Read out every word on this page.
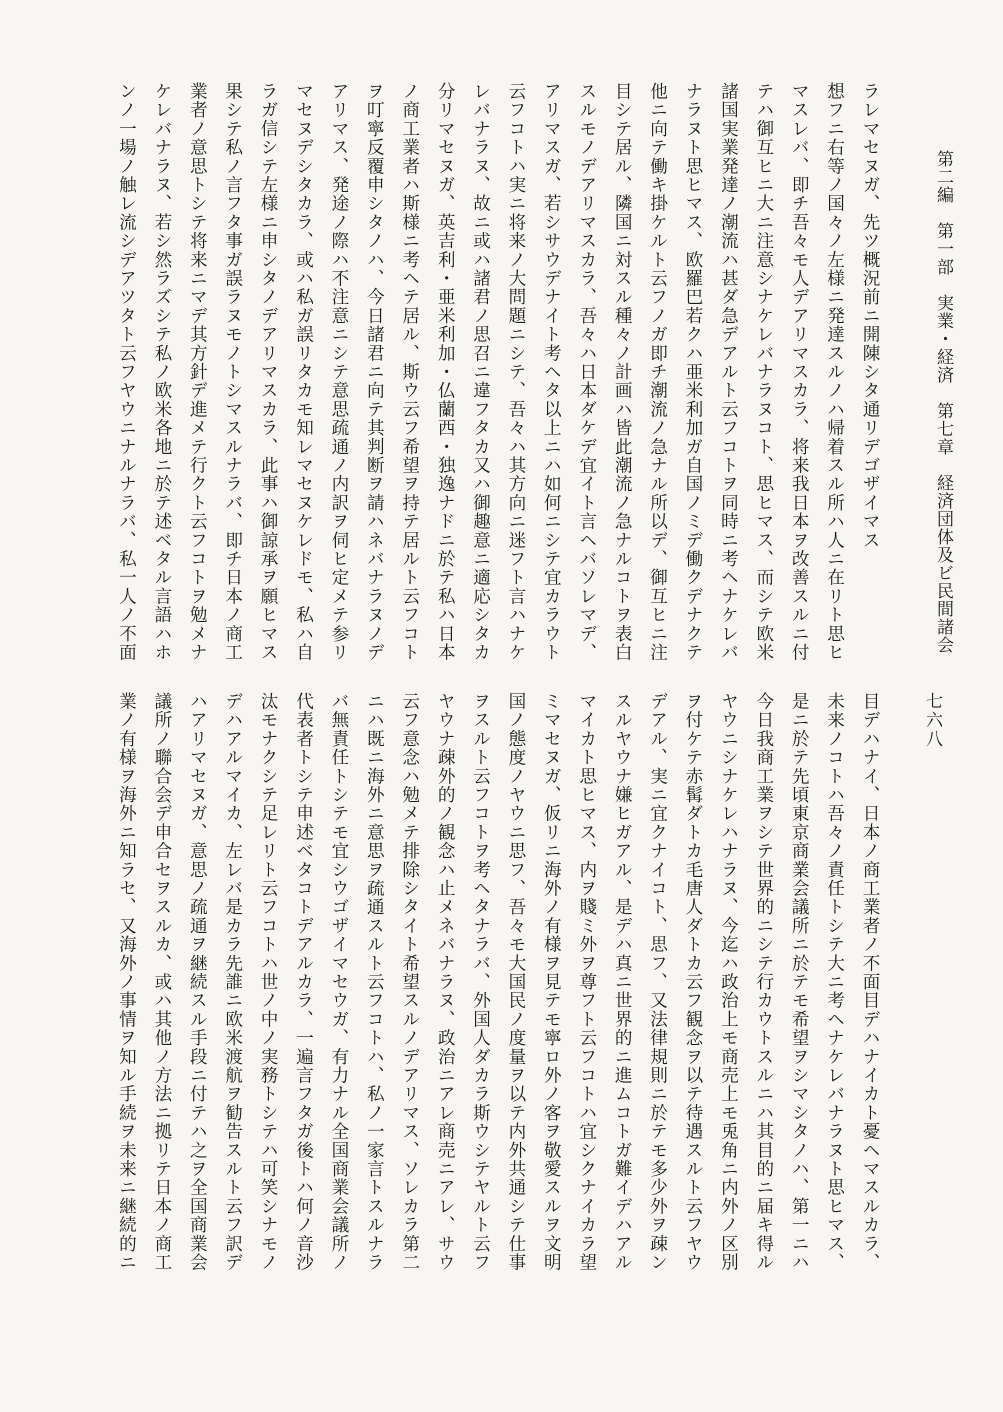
第二編　第一部　実業・経済　第七章　経済団体及ビ民間諸会
七六八
ラレマセヌガ、先ツ概況前ニ開陳シタ通リデゴザイマス
想フニ右等ノ国々ノ左様ニ発達スルノハ帰着スル所ハ人ニ在リト思ヒ
マスレバ、即チ吾々モ人デアリマスカラ、将来我日本ヲ改善スルニ付
テハ御互ヒニ大ニ注意シナケレバナラヌコト、思ヒマス、而シテ欧米
諸国実業発達ノ潮流ハ甚ダ急デアルト云フコトヲ同時ニ考ヘナケレバ
ナラヌト思ヒマス、欧羅巴若クハ亜米利加ガ自国ノミデ働クデナクテ
他ニ向テ働キ掛ケルト云フノガ即チ潮流ノ急ナル所以デ、御互ヒニ注
目シテ居ル、隣国ニ対スル種々ノ計画ハ皆此潮流ノ急ナルコトヲ表白
スルモノデアリマスカラ、吾々ハ日本ダケデ宜イト言ヘバソレマデ、
アリマスガ、若シサウデナイト考ヘタ以上ニハ如何ニシテ宜カラウト
云フコトハ実ニ将来ノ大問題ニシテ、吾々ハ其方向ニ迷フト言ハナケ
レバナラヌ、故ニ或ハ諸君ノ思召ニ違フタカ又ハ御趣意ニ適応シタカ
分リマセヌガ、英吉利・亜米利加・仏蘭西・独逸ナドニ於テ私ハ日本
ノ商工業者ハ斯様ニ考ヘテ居ル、斯ウ云フ希望ヲ持テ居ルト云フコト
ヲ叮寧反覆申シタノハ、今日諸君ニ向テ其判断ヲ請ハネバナラヌノデ
アリマス、発途ノ際ハ不注意ニシテ意思疏通ノ内訳ヲ伺ヒ定メテ参リ
マセヌデシタカラ、或ハ私ガ誤リタカモ知レマセヌケレドモ、私ハ自
ラガ信シテ左様ニ申シタノデアリマスカラ、此事ハ御諒承ヲ願ヒマス
果シテ私ノ言フタ事ガ誤ラヌモノトシマスルナラバ、即チ日本ノ商工
業者ノ意思トシテ将来ニマデ其方針デ進メテ行クト云フコトヲ勉メナ
ケレバナラヌ、若シ然ラズシテ私ノ欧米各地ニ於テ述ベタル言語ハホ
ンノ一場ノ触レ流シデアツタト云フヤウニナルナラバ、私一人ノ不面
目デハナイ、日本ノ商工業者ノ不面目デハナイカト憂ヘマスルカラ、
未来ノコトハ吾々ノ責任トシテ大ニ考ヘナケレバナラヌト思ヒマス、
是ニ於テ先頃東京商業会議所ニ於テモ希望ヲシマシタノハ、第一ニハ
今日我商工業ヲシテ世界的ニシテ行カウトスルニハ其目的ニ届キ得ル
ヤウニシナケレハナラヌ、今迄ハ政治上モ商売上モ兎角ニ内外ノ区別
ヲ付ケテ赤髯ダトカ毛唐人ダトカ云フ観念ヲ以テ待遇スルト云フヤウ
デアル、実ニ宜クナイコト、思フ、又法律規則ニ於テモ多少外ヲ疎ン
スルヤウナ嫌ヒガアル、是デハ真ニ世界的ニ進ムコトガ難イデハアル
マイカト思ヒマス、内ヲ賤ミ外ヲ尊フト云フコトハ宜シクナイカラ望
ミマセヌガ、仮リニ海外ノ有様ヲ見テモ寧ロ外ノ客ヲ敬愛スルヲ文明
国ノ態度ノヤウニ思フ、吾々モ大国民ノ度量ヲ以テ内外共通シテ仕事
ヲスルト云フコトヲ考ヘタナラバ、外国人ダカラ斯ウシテヤルト云フ
ヤウナ疎外的ノ観念ハ止メネバナラヌ、政治ニアレ商売ニアレ、サウ
云フ意念ハ勉メテ排除シタイト希望スルノデアリマス、ソレカラ第二
ニハ既ニ海外ニ意思ヲ疏通スルト云フコトハ、私ノ一家言トスルナラ
バ無責任トシテモ宜シウゴザイマセウガ、有力ナル全国商業会議所ノ
代表者トシテ申述ベタコトデアルカラ、一遍言フタガ後トハ何ノ音沙
汰モナクシテ足レリト云フコトハ世ノ中ノ実務トシテハ可笑シナモノ
デハアルマイカ、左レバ是カラ先誰ニ欧米渡航ヲ勧告スルト云フ訳デ
ハアリマセヌガ、意思ノ疏通ヲ継続スル手段ニ付テハ之ヲ全国商業会
議所ノ聯合会デ申合セヲスルカ、或ハ其他ノ方法ニ拠リテ日本ノ商工
業ノ有様ヲ海外ニ知ラセ、又海外ノ事情ヲ知ル手続ヲ未来ニ継続的ニ
